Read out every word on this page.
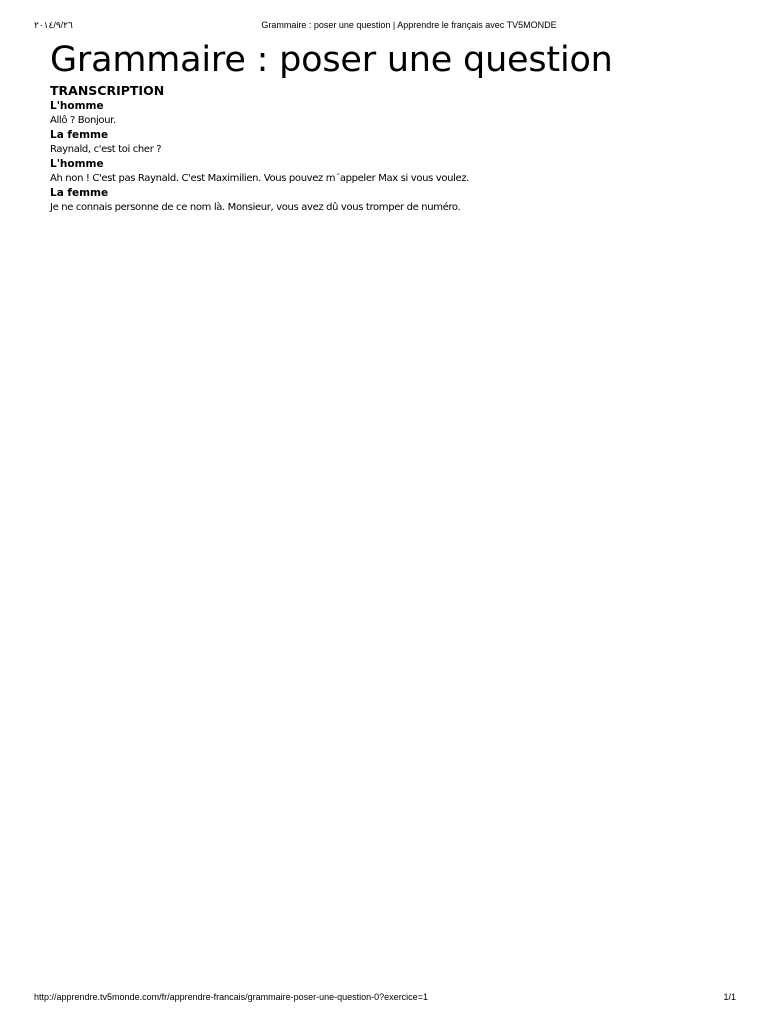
٢٠١٤/٩/٢٦	Grammaire : poser une question | Apprendre le français avec TV5MONDE
Grammaire : poser une question
TRANSCRIPTION
L'homme
Allô ? Bonjour.
La femme
Raynald, c'est toi cher ?
L'homme
Ah non ! C'est pas Raynald. C'est Maximilien. Vous pouvez m´appeler Max si vous voulez.
La femme
Je ne connais personne de ce nom là. Monsieur, vous avez dû vous tromper de numéro.
http://apprendre.tv5monde.com/fr/apprendre-francais/grammaire-poser-une-question-0?exercice=1	1/1
